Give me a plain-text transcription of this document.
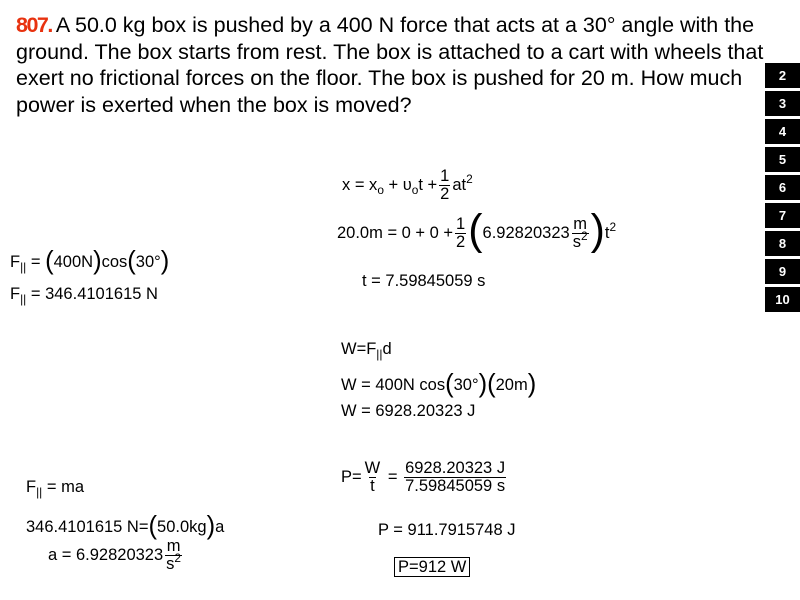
807. A 50.0 kg box is pushed by a 400 N force that acts at a 30° angle with the ground. The box starts from rest. The box is attached to a cart with wheels that exert no frictional forces on the floor. The box is pushed for 20 m. How much power is exerted when the box is moved?
2
3
4
5
6
7
8
9
10
$x = x_o + \upsilon_ot + \frac{1}{2} at^2$
$20.0m = 0 + 0 + \frac{1}{2} (6.92820323 \frac{m}{s^2} )t^2$
t = 7.59845059 s
$F_{||} = (400N)\cos(30^\circ)$
$F_{||} = 346.4101615$ N
$W=F_{||}d$
W = 400N cos(30°)(20m)
W = 6928.20323 J
$F_{||}$ = ma
346.4101615 N=(50.0kg)a
$a = 6.92820323 \frac{m}{s^2}$
$P= \frac{W}{t} = \frac{6928.20323 J}{7.59845059 s}$
P = 911.7915748 J
P=912 W
